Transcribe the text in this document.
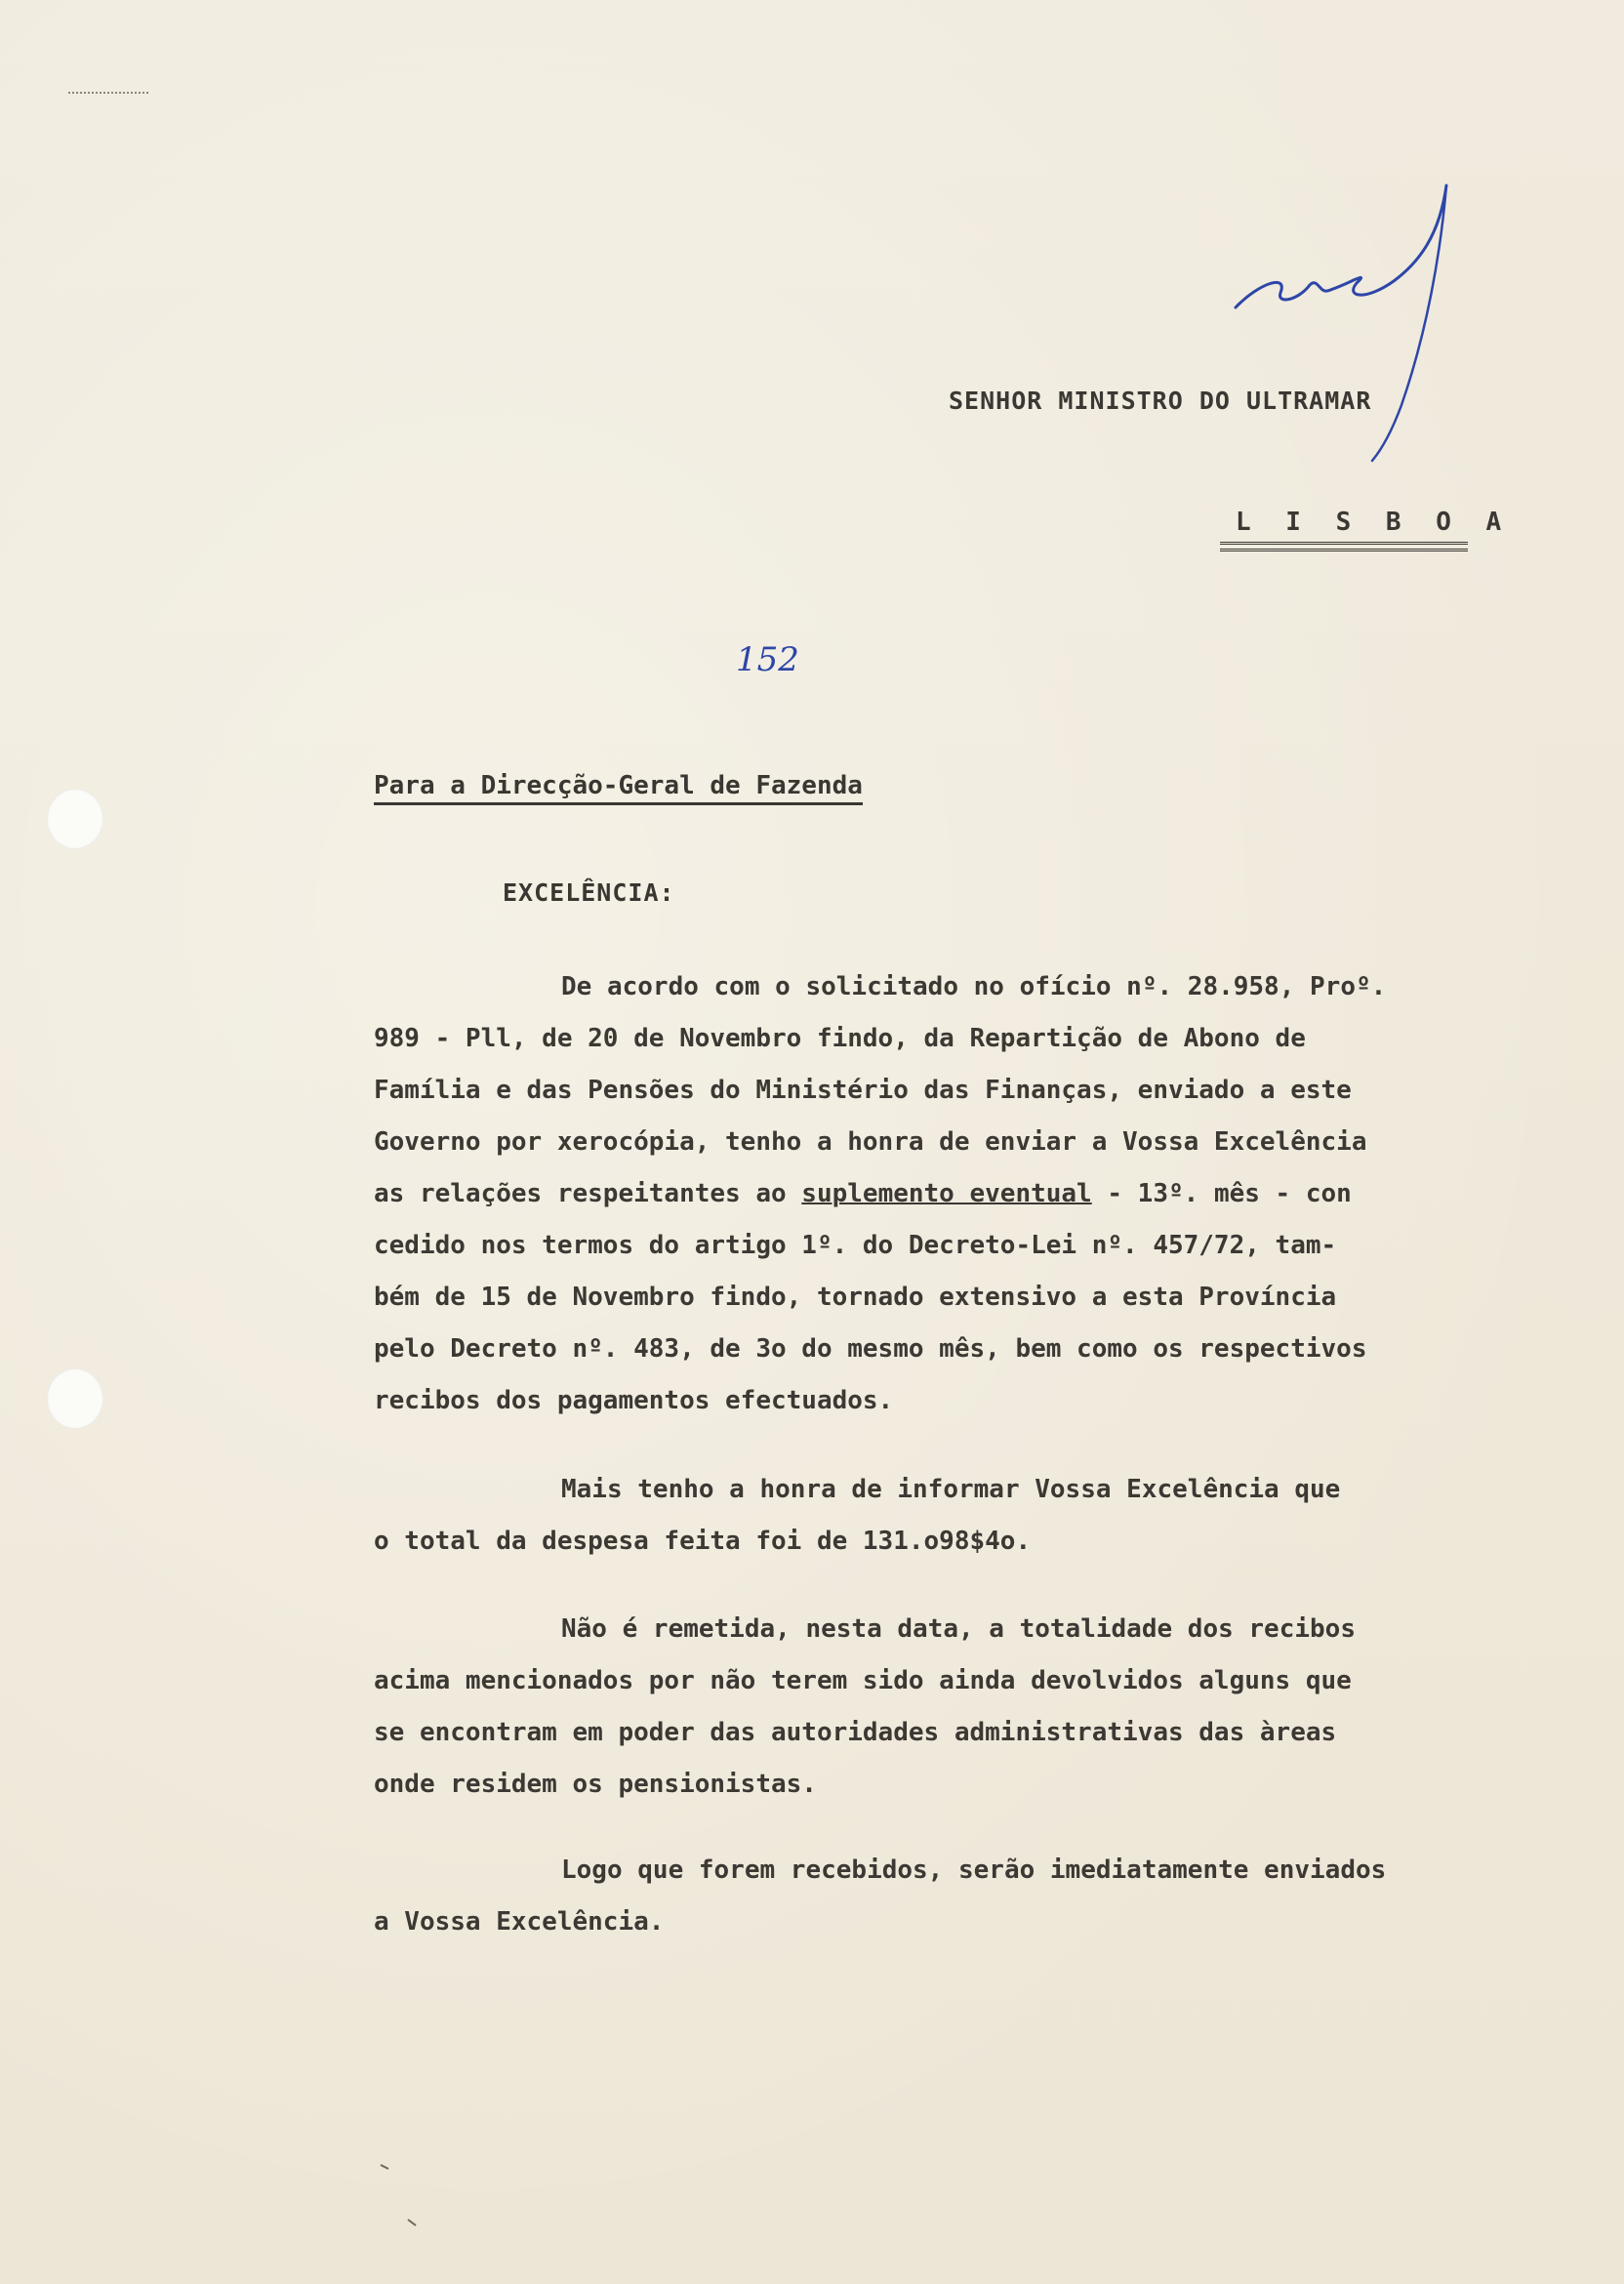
SENHOR MINISTRO DO ULTRAMAR
L I S B O A
152
Para a Direcção-Geral de Fazenda
EXCELÊNCIA:
De acordo com o solicitado no ofício nº. 28.958, Proº.
989 - Pll, de 20 de Novembro findo, da Repartição de Abono de
Família e das Pensões do Ministério das Finanças, enviado a este
Governo por xerocópia, tenho a honra de enviar a Vossa Excelência
as relações respeitantes ao suplemento eventual - 13º. mês - con
cedido nos termos do artigo 1º. do Decreto-Lei nº. 457/72, tam-
bém de 15 de Novembro findo, tornado extensivo a esta Província
pelo Decreto nº. 483, de 3o do mesmo mês, bem como os respectivos
recibos dos pagamentos efectuados.
Mais tenho a honra de informar Vossa Excelência que
o total da despesa feita foi de 131.o98$4o.
Não é remetida, nesta data, a totalidade dos recibos
acima mencionados por não terem sido ainda devolvidos alguns que
se encontram em poder das autoridades administrativas das àreas
onde residem os pensionistas.
Logo que forem recebidos, serão imediatamente enviados
a Vossa Excelência.
